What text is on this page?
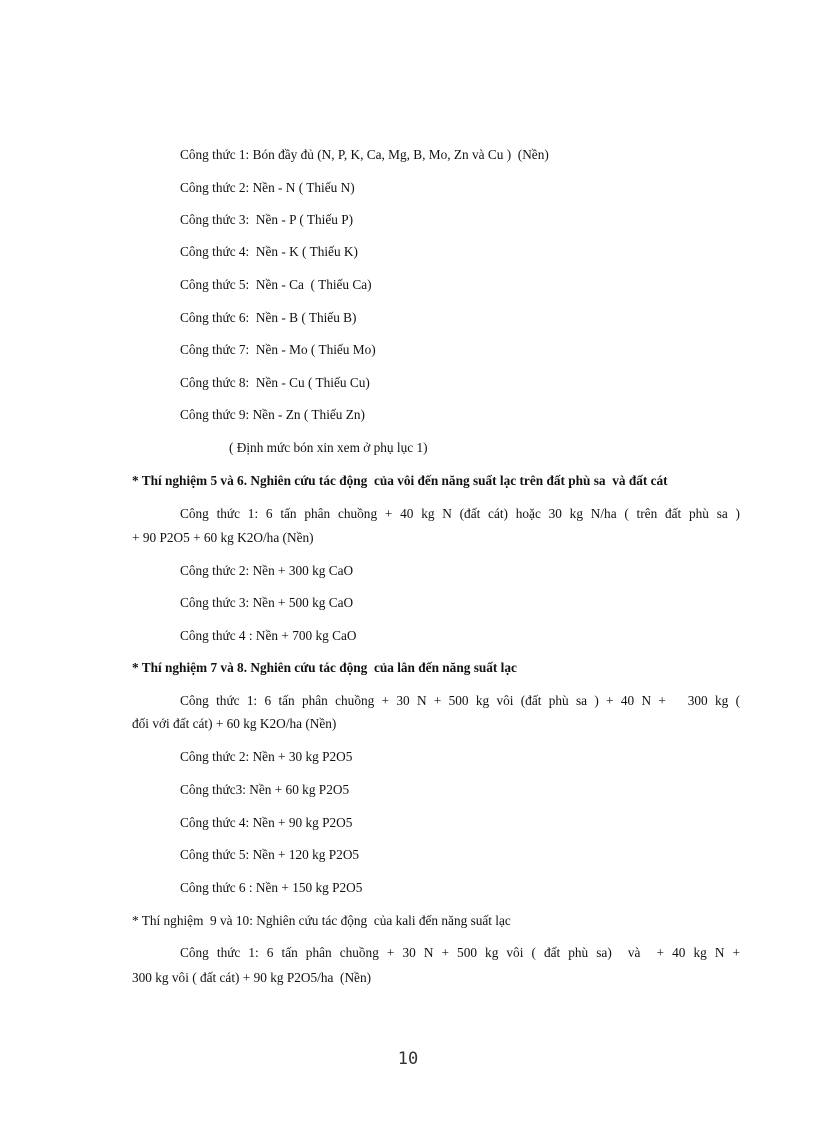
Công thức 1: Bón đầy đủ (N, P, K, Ca, Mg, B, Mo, Zn và Cu )  (Nền)
Công thức 2: Nền - N ( Thiếu N)
Công thức 3:  Nền - P ( Thiếu P)
Công thức 4:  Nền - K ( Thiếu K)
Công thức 5:  Nền - Ca  ( Thiếu Ca)
Công thức 6:  Nền - B ( Thiếu B)
Công thức 7:  Nền - Mo ( Thiếu Mo)
Công thức 8:  Nền - Cu ( Thiếu Cu)
Công thức 9: Nền - Zn ( Thiếu Zn)
( Định mức bón xin xem ở phụ lục 1)
* Thí nghiệm 5 và 6. Nghiên cứu tác động  của vôi đến năng suất lạc trên đất phù sa  và đất cát
Công thức 1: 6 tấn phân chuồng + 40 kg N (đất cát) hoặc 30 kg N/ha ( trên đất phù sa )
+ 90 P2O5 + 60 kg K2O/ha (Nền)
Công thức 2: Nền + 300 kg CaO
Công thức 3: Nền + 500 kg CaO
Công thức 4 : Nền + 700 kg CaO
* Thí nghiệm 7 và 8. Nghiên cứu tác động  của lân đến năng suất lạc
Công thức 1: 6 tấn phân chuồng + 30 N + 500 kg vôi (đất phù sa ) + 40 N +   300 kg (
đối với đất cát) + 60 kg K2O/ha (Nền)
Công thức 2: Nền + 30 kg P2O5
Công thức3: Nền + 60 kg P2O5
Công thức 4: Nền + 90 kg P2O5
Công thức 5: Nền + 120 kg P2O5
Công thức 6 : Nền + 150 kg P2O5
* Thí nghiệm  9 và 10: Nghiên cứu tác động  của kali đến năng suất lạc
Công thức 1: 6 tấn phân chuồng + 30 N + 500 kg vôi ( đất phù sa)  và  + 40 kg N +
300 kg vôi ( đất cát) + 90 kg P2O5/ha  (Nền)
10
